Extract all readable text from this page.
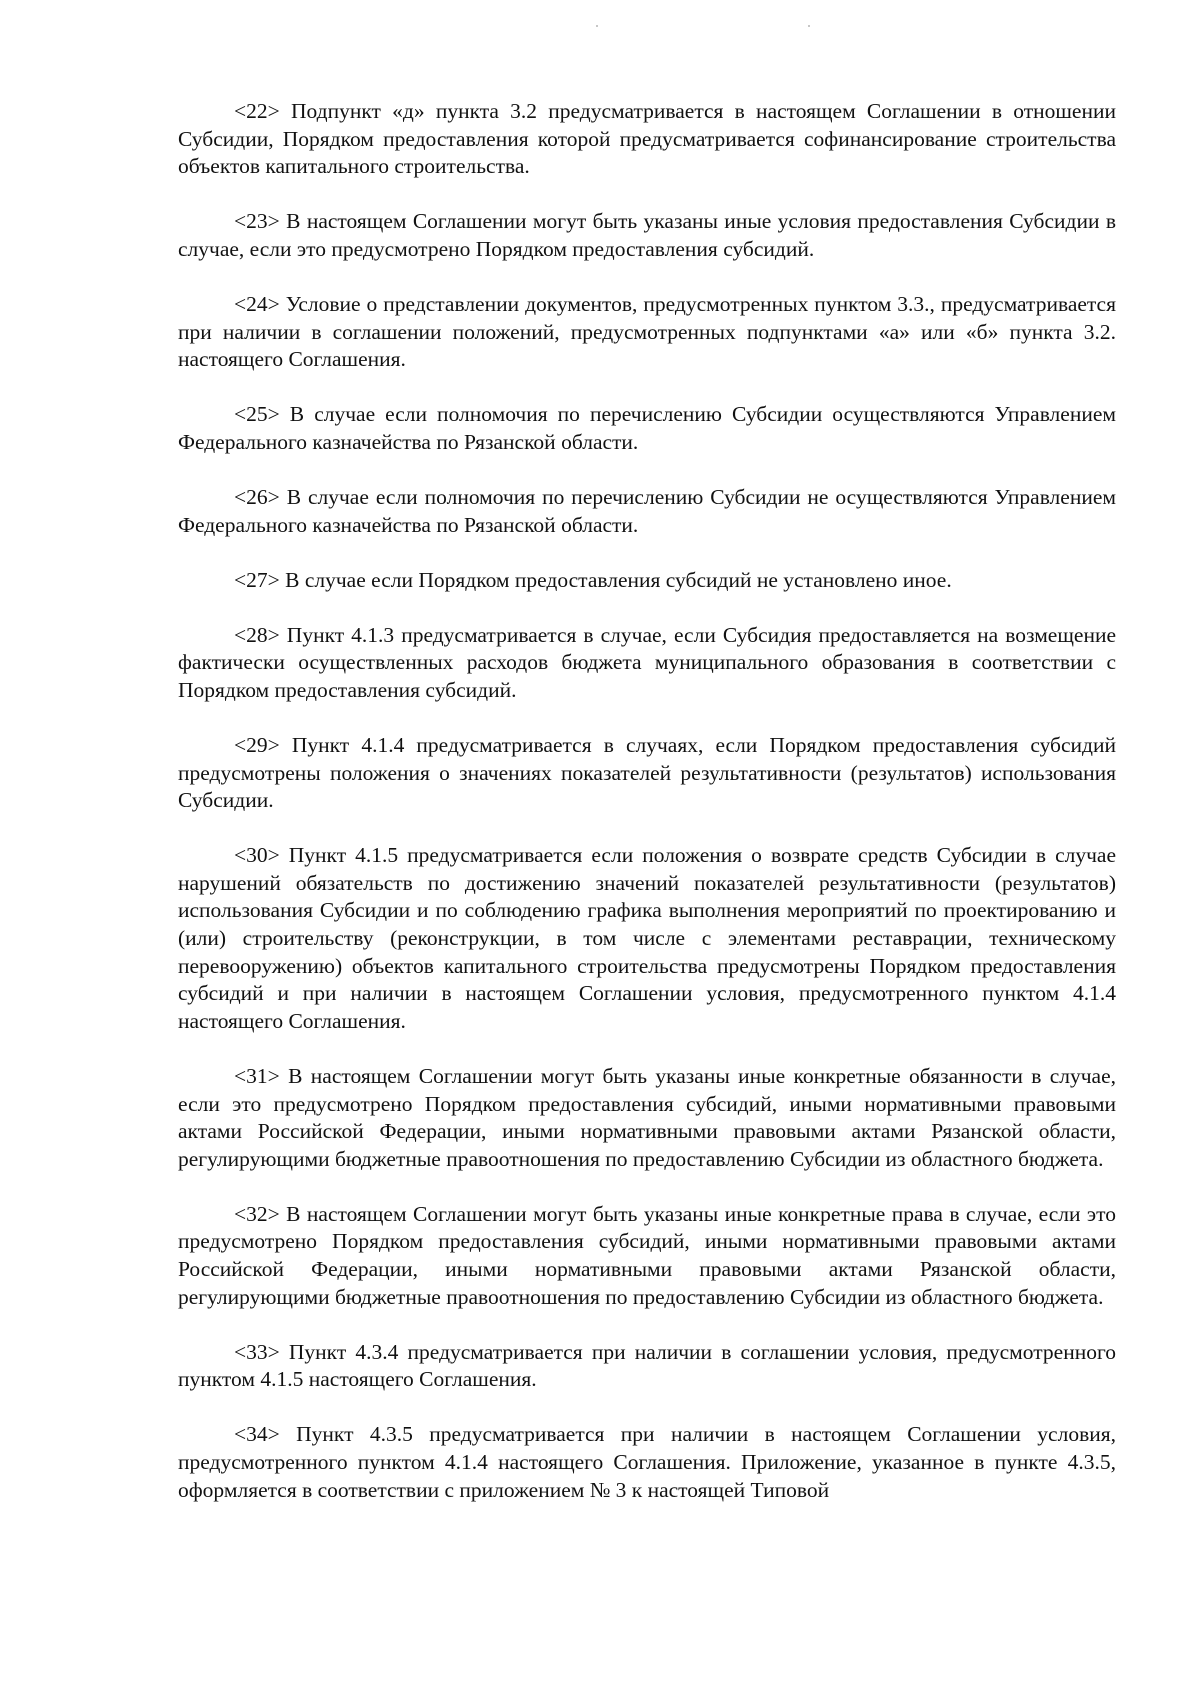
<22> Подпункт «д» пункта 3.2 предусматривается в настоящем Соглашении в отношении Субсидии, Порядком предоставления которой предусматривается софинансирование строительства объектов капитального строительства.

<23> В настоящем Соглашении могут быть указаны иные условия предоставления Субсидии в случае, если это предусмотрено Порядком предоставления субсидий.

<24> Условие о представлении документов, предусмотренных пунктом 3.3., предусматривается при наличии в соглашении положений, предусмотренных подпунктами «а» или «б» пункта 3.2. настоящего Соглашения.

<25> В случае если полномочия по перечислению Субсидии осуществляются Управлением Федерального казначейства по Рязанской области.

<26> В случае если полномочия по перечислению Субсидии не осуществляются Управлением Федерального казначейства по Рязанской области.

<27> В случае если Порядком предоставления субсидий не установлено иное.

<28> Пункт 4.1.3 предусматривается в случае, если Субсидия предоставляется на возмещение фактически осуществленных расходов бюджета муниципального образования в соответствии с Порядком предоставления субсидий.

<29> Пункт 4.1.4 предусматривается в случаях, если Порядком предоставления субсидий предусмотрены положения о значениях показателей результативности (результатов) использования Субсидии.

<30> Пункт 4.1.5 предусматривается если положения о возврате средств Субсидии в случае нарушений обязательств по достижению значений показателей результативности (результатов) использования Субсидии и по соблюдению графика выполнения мероприятий по проектированию и (или) строительству (реконструкции, в том числе с элементами реставрации, техническому перевооружению) объектов капитального строительства предусмотрены Порядком предоставления субсидий и при наличии в настоящем Соглашении условия, предусмотренного пунктом 4.1.4 настоящего Соглашения.

<31> В настоящем Соглашении могут быть указаны иные конкретные обязанности в случае, если это предусмотрено Порядком предоставления субсидий, иными нормативными правовыми актами Российской Федерации, иными нормативными правовыми актами Рязанской области, регулирующими бюджетные правоотношения по предоставлению Субсидии из областного бюджета.

<32> В настоящем Соглашении могут быть указаны иные конкретные права в случае, если это предусмотрено Порядком предоставления субсидий, иными нормативными правовыми актами Российской Федерации, иными нормативными правовыми актами Рязанской области, регулирующими бюджетные правоотношения по предоставлению Субсидии из областного бюджета.

<33> Пункт 4.3.4 предусматривается при наличии в соглашении условия, предусмотренного пунктом 4.1.5 настоящего Соглашения.

<34> Пункт 4.3.5 предусматривается при наличии в настоящем Соглашении условия, предусмотренного пунктом 4.1.4 настоящего Соглашения. Приложение, указанное в пункте 4.3.5, оформляется в соответствии с приложением № 3 к настоящей Типовой
